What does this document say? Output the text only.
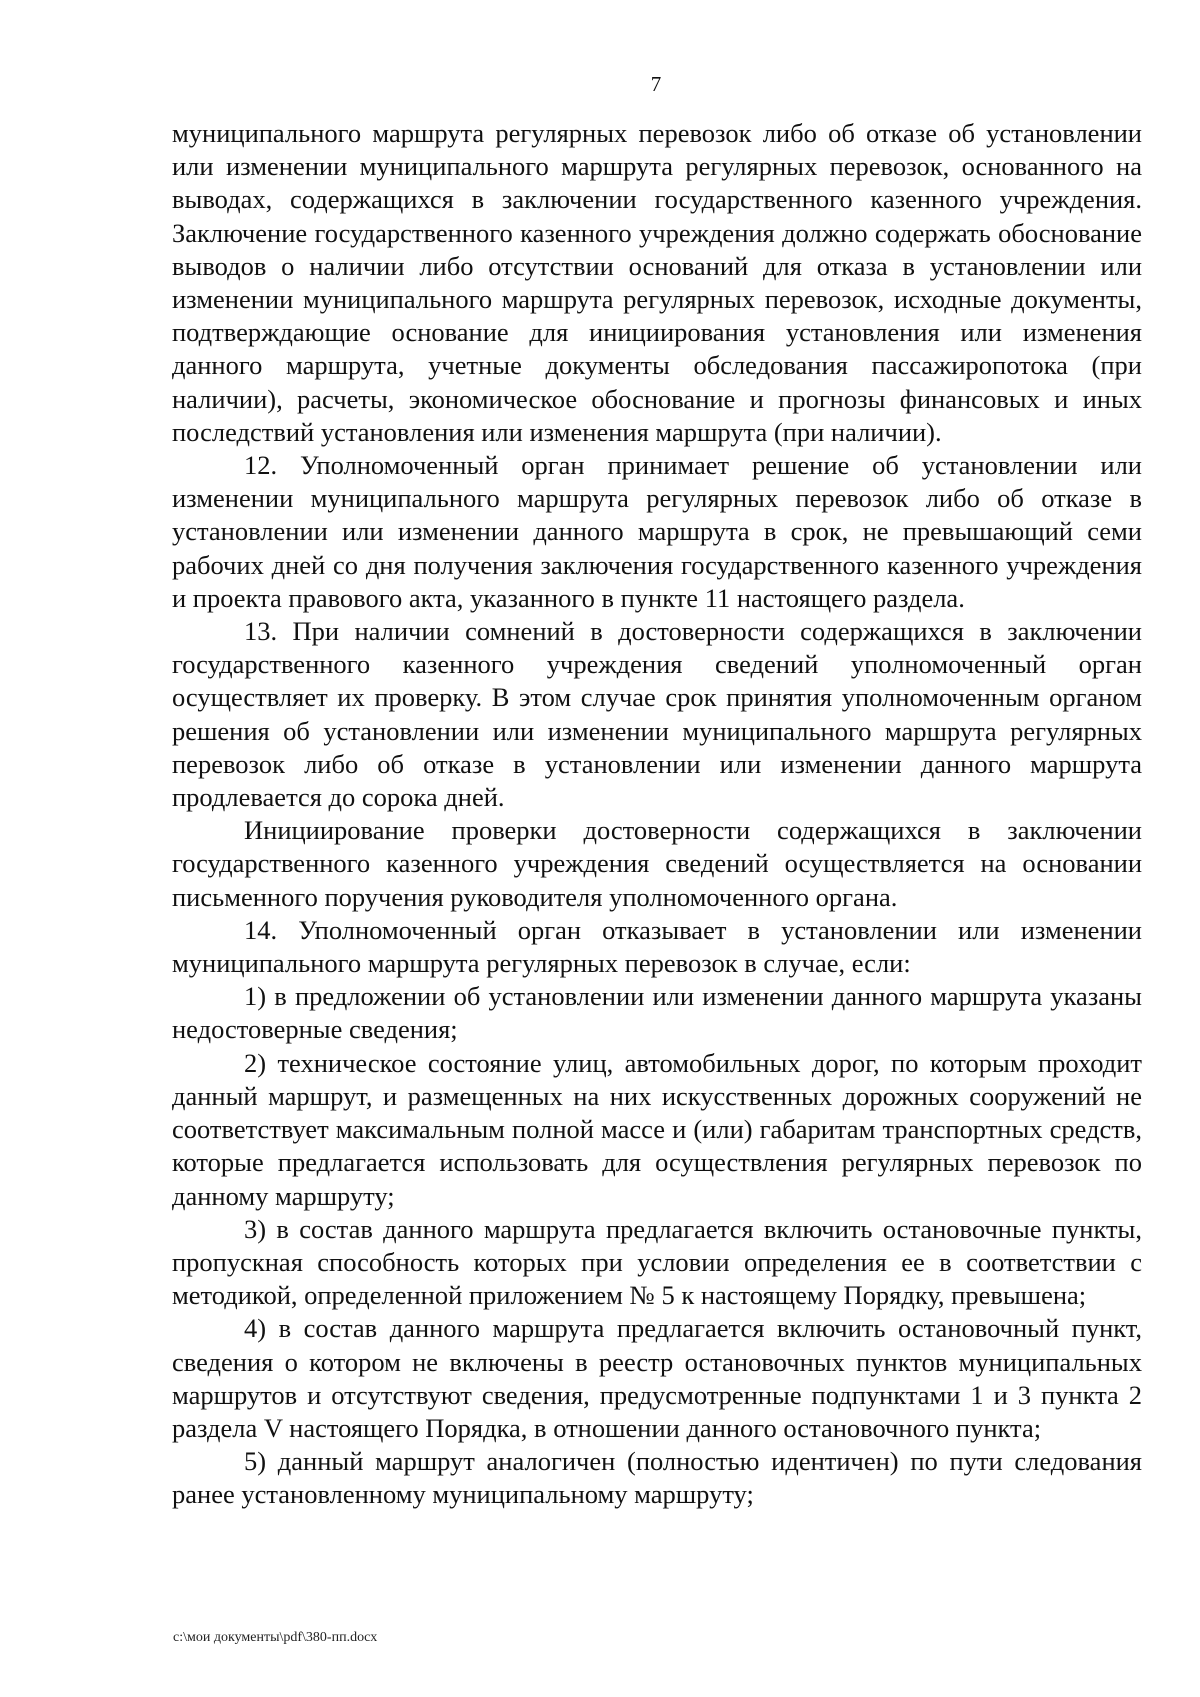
7

муниципального маршрута регулярных перевозок либо об отказе об установлении или изменении муниципального маршрута регулярных перевозок, основанного на выводах, содержащихся в заключении государственного казенного учреждения. Заключение государственного казенного учреждения должно содержать обоснование выводов о наличии либо отсутствии оснований для отказа в установлении или изменении муниципального маршрута регулярных перевозок, исходные документы, подтверждающие основание для инициирования установления или изменения данного маршрута, учетные документы обследования пассажиропотока (при наличии), расчеты, экономическое обоснование и прогнозы финансовых и иных последствий установления или изменения маршрута (при наличии).

12. Уполномоченный орган принимает решение об установлении или изменении муниципального маршрута регулярных перевозок либо об отказе в установлении или изменении данного маршрута в срок, не превышающий семи рабочих дней со дня получения заключения государственного казенного учреждения и проекта правового акта, указанного в пункте 11 настоящего раздела.

13. При наличии сомнений в достоверности содержащихся в заключении государственного казенного учреждения сведений уполномоченный орган осуществляет их проверку. В этом случае срок принятия уполномоченным органом решения об установлении или изменении муниципального маршрута регулярных перевозок либо об отказе в установлении или изменении данного маршрута продлевается до сорока дней.

Инициирование проверки достоверности содержащихся в заключении государственного казенного учреждения сведений осуществляется на основании письменного поручения руководителя уполномоченного органа.

14. Уполномоченный орган отказывает в установлении или изменении муниципального маршрута регулярных перевозок в случае, если:

1) в предложении об установлении или изменении данного маршрута указаны недостоверные сведения;

2) техническое состояние улиц, автомобильных дорог, по которым проходит данный маршрут, и размещенных на них искусственных дорожных сооружений не соответствует максимальным полной массе и (или) габаритам транспортных средств, которые предлагается использовать для осуществления регулярных перевозок по данному маршруту;

3) в состав данного маршрута предлагается включить остановочные пункты, пропускная способность которых при условии определения ее в соответствии с методикой, определенной приложением № 5 к настоящему Порядку, превышена;

4) в состав данного маршрута предлагается включить остановочный пункт, сведения о котором не включены в реестр остановочных пунктов муниципальных маршрутов и отсутствуют сведения, предусмотренные подпунктами 1 и 3 пункта 2 раздела V настоящего Порядка, в отношении данного остановочного пункта;

5) данный маршрут аналогичен (полностью идентичен) по пути следования ранее установленному муниципальному маршруту;

c:\мои документы\pdf\380-пп.docx
